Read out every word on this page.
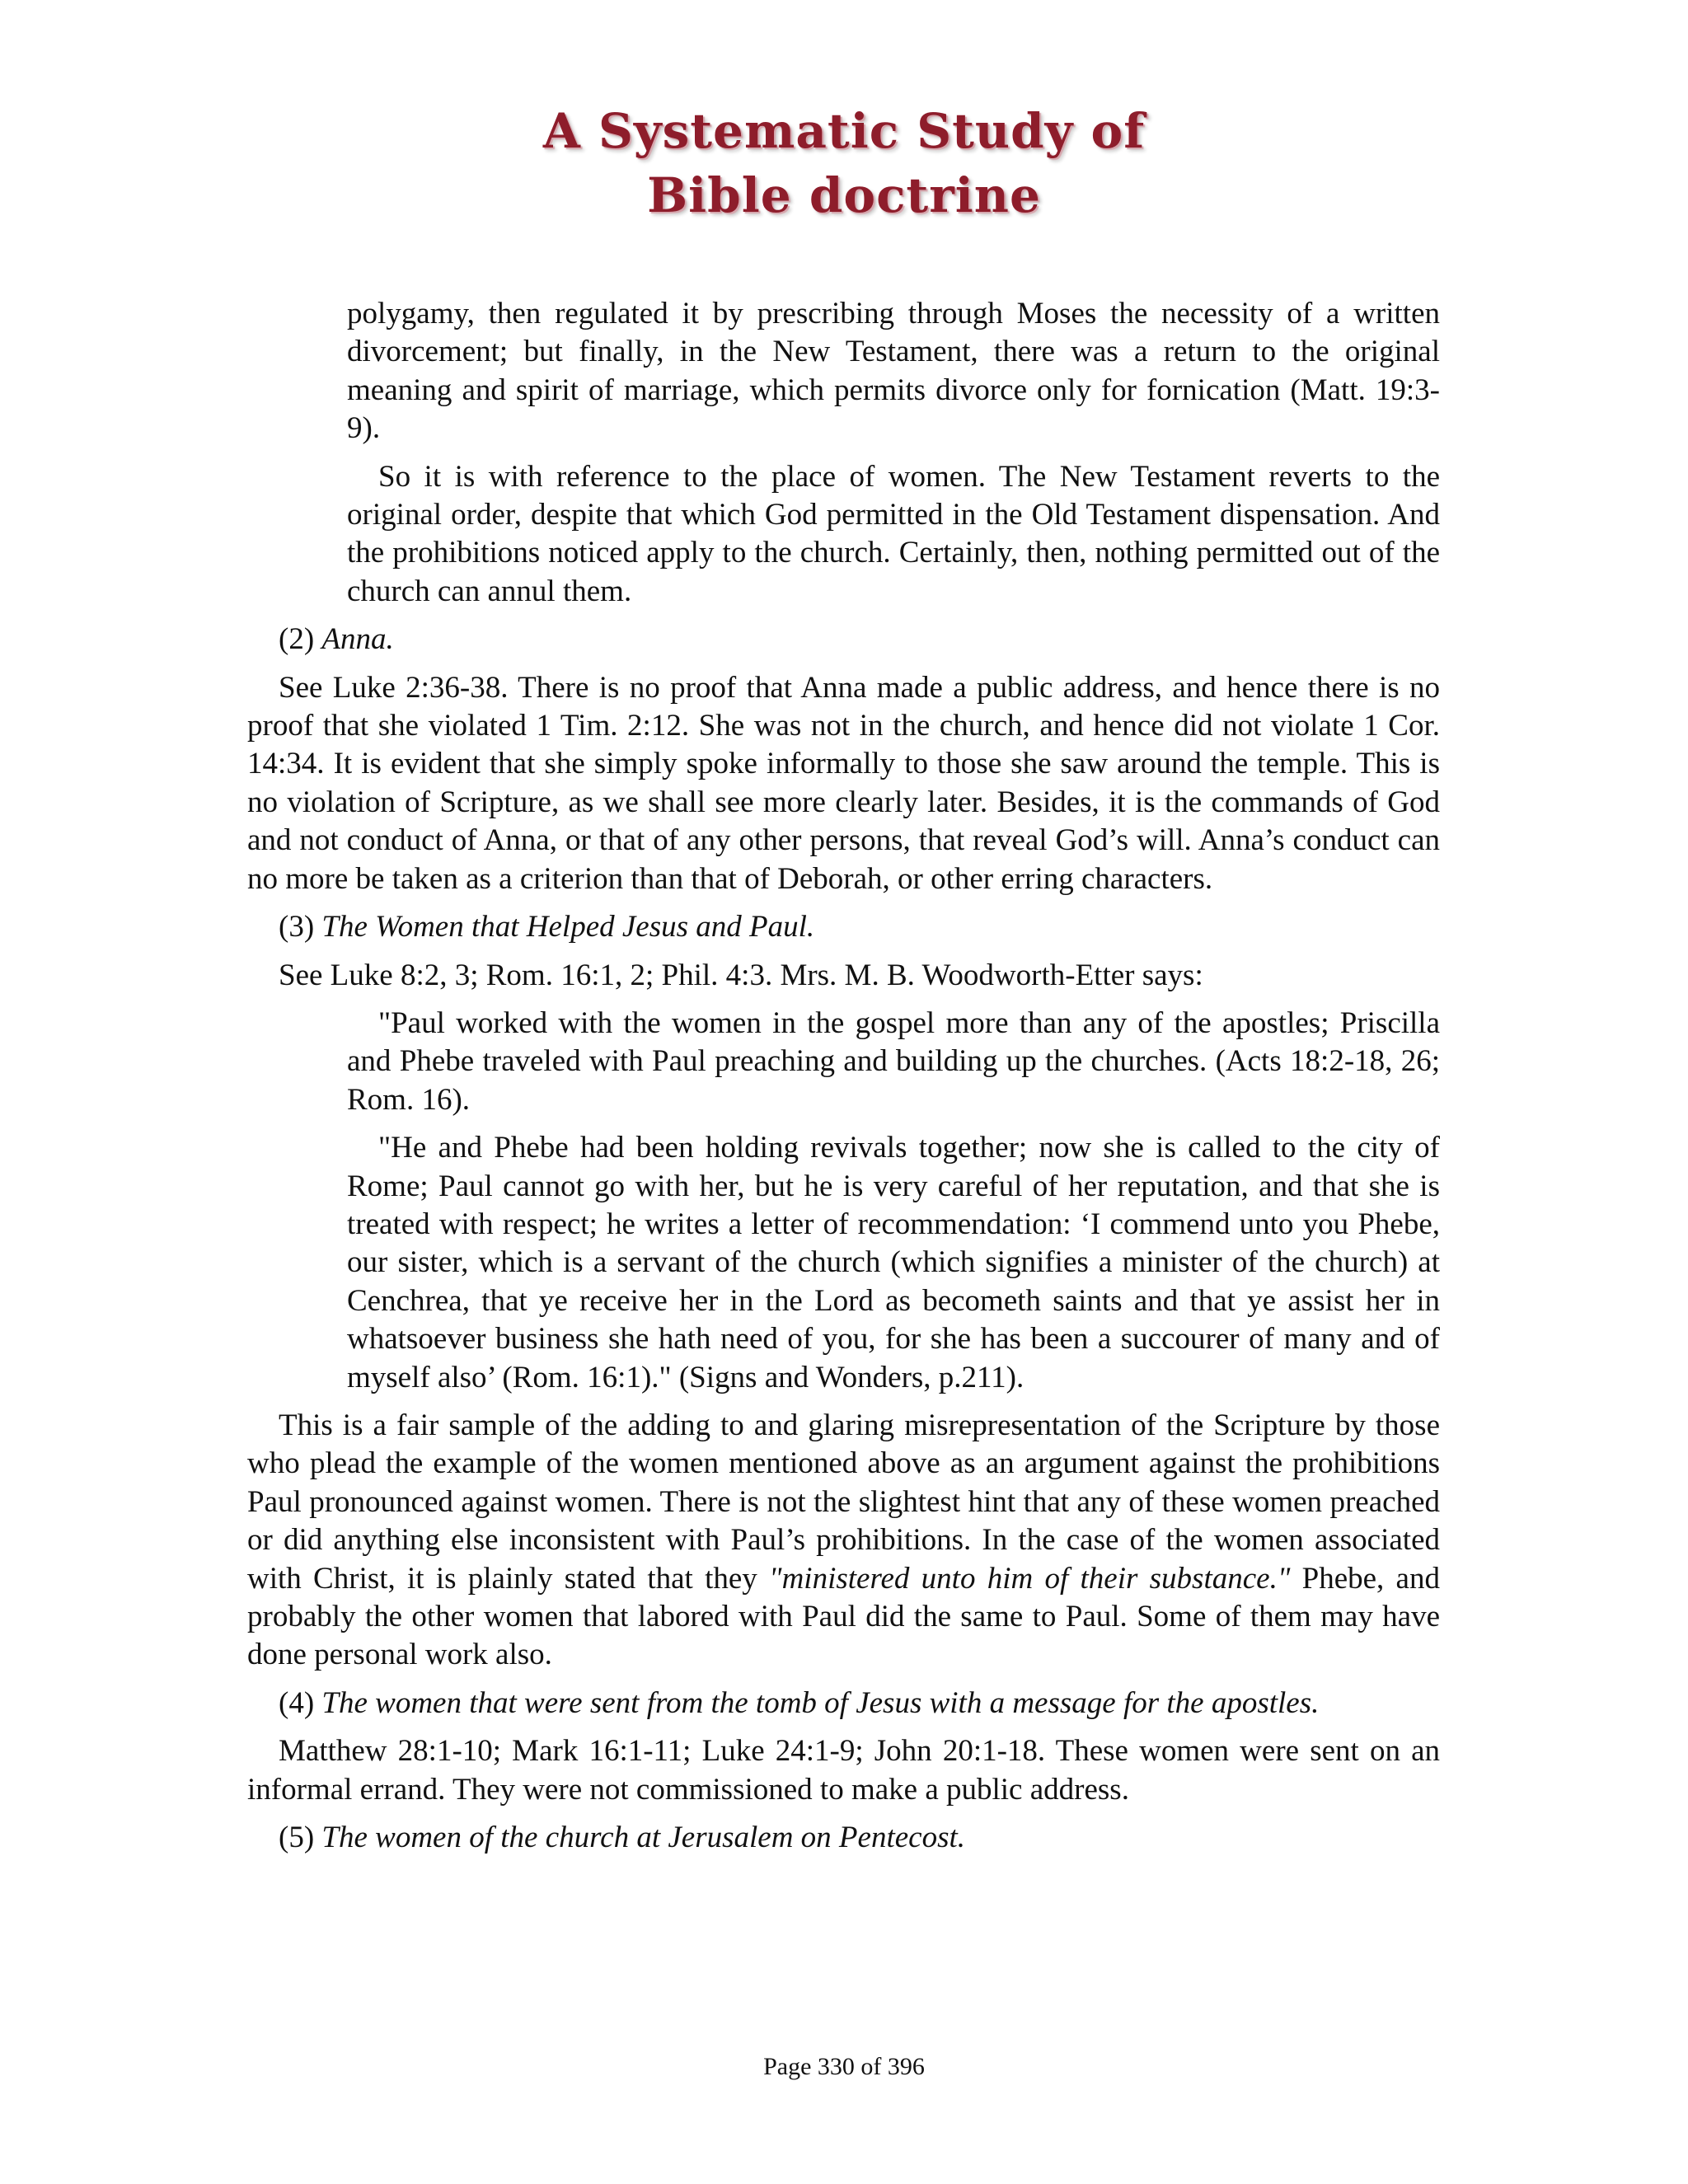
A Systematic Study of
Bible doctrine

polygamy, then regulated it by prescribing through Moses the necessity of a written divorcement; but finally, in the New Testament, there was a return to the original meaning and spirit of marriage, which permits divorce only for fornication (Matt. 19:3-9).

So it is with reference to the place of women. The New Testament reverts to the original order, despite that which God permitted in the Old Testament dispensation. And the prohibitions noticed apply to the church. Certainly, then, nothing permitted out of the church can annul them.

(2) Anna.

See Luke 2:36-38. There is no proof that Anna made a public address, and hence there is no proof that she violated 1 Tim. 2:12. She was not in the church, and hence did not violate 1 Cor. 14:34. It is evident that she simply spoke informally to those she saw around the temple. This is no violation of Scripture, as we shall see more clearly later. Besides, it is the commands of God and not conduct of Anna, or that of any other persons, that reveal God’s will. Anna’s conduct can no more be taken as a criterion than that of Deborah, or other erring characters.

(3) The Women that Helped Jesus and Paul.

See Luke 8:2, 3; Rom. 16:1, 2; Phil. 4:3. Mrs. M. B. Woodworth-Etter says:

"Paul worked with the women in the gospel more than any of the apostles; Priscilla and Phebe traveled with Paul preaching and building up the churches. (Acts 18:2-18, 26; Rom. 16).

"He and Phebe had been holding revivals together; now she is called to the city of Rome; Paul cannot go with her, but he is very careful of her reputation, and that she is treated with respect; he writes a letter of recommendation: ‘I commend unto you Phebe, our sister, which is a servant of the church (which signifies a minister of the church) at Cenchrea, that ye receive her in the Lord as becometh saints and that ye assist her in whatsoever business she hath need of you, for she has been a succourer of many and of myself also’ (Rom. 16:1)." (Signs and Wonders, p.211).

This is a fair sample of the adding to and glaring misrepresentation of the Scripture by those who plead the example of the women mentioned above as an argument against the prohibitions Paul pronounced against women. There is not the slightest hint that any of these women preached or did anything else inconsistent with Paul’s prohibitions. In the case of the women associated with Christ, it is plainly stated that they "ministered unto him of their substance." Phebe, and probably the other women that labored with Paul did the same to Paul. Some of them may have done personal work also.

(4) The women that were sent from the tomb of Jesus with a message for the apostles.

Matthew 28:1-10; Mark 16:1-11; Luke 24:1-9; John 20:1-18. These women were sent on an informal errand. They were not commissioned to make a public address.

(5) The women of the church at Jerusalem on Pentecost.

Page 330 of 396
